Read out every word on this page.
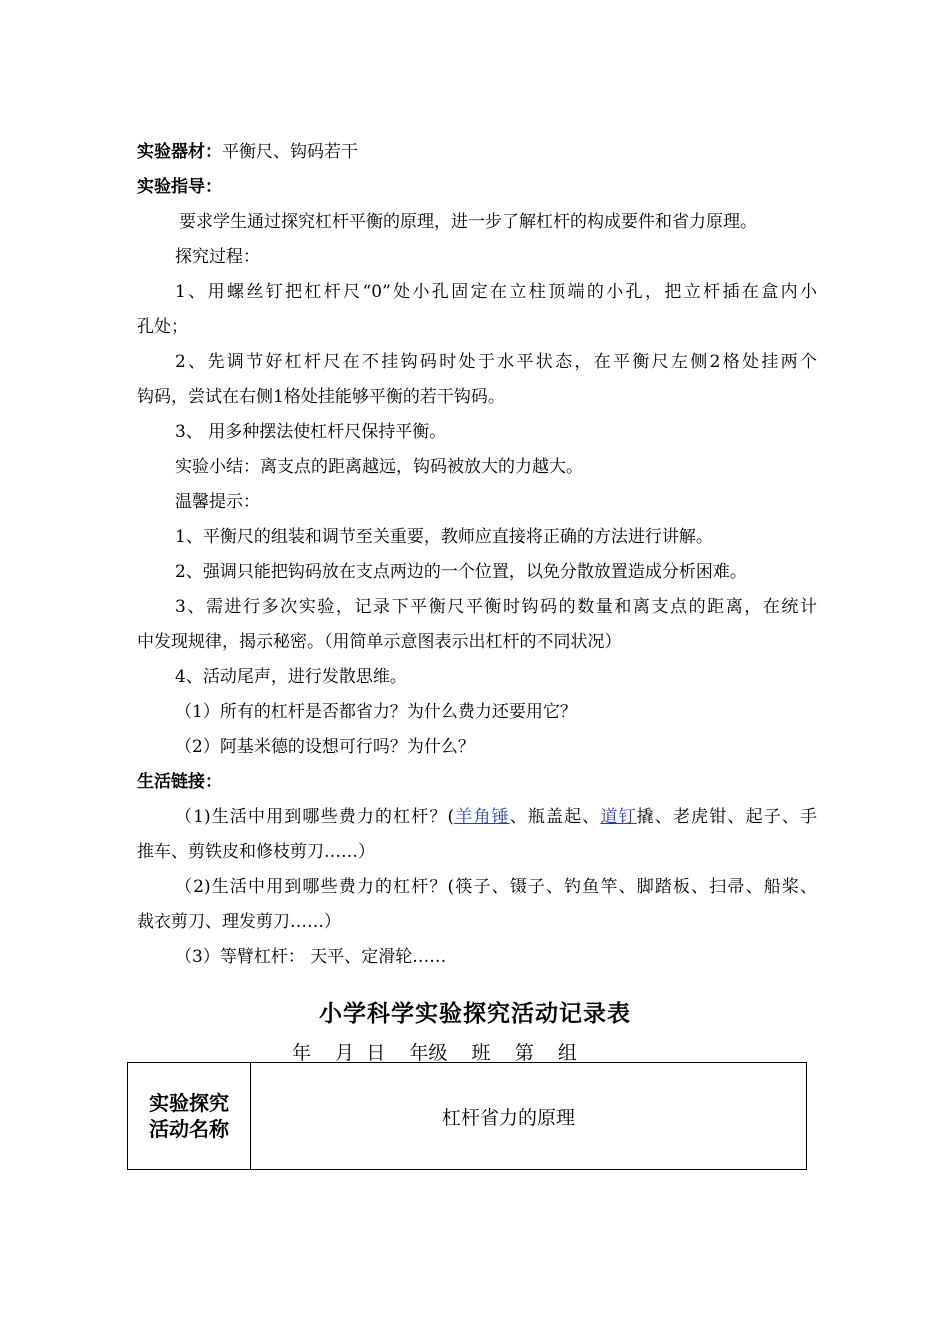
实验器材：平衡尺、钩码若干
实验指导：
要求学生通过探究杠杆平衡的原理，进一步了解杠杆的构成要件和省力原理。
探究过程：
1、用螺丝钉把杠杆尺“0”处小孔固定在立柱顶端的小孔，把立杆插在盒内小
孔处；
2、先调节好杠杆尺在不挂钩码时处于水平状态，在平衡尺左侧2格处挂两个
钩码，尝试在右侧1格处挂能够平衡的若干钩码。
3、 用多种摆法使杠杆尺保持平衡。
实验小结：离支点的距离越远，钩码被放大的力越大。
温馨提示：
1、平衡尺的组装和调节至关重要，教师应直接将正确的方法进行讲解。
2、强调只能把钩码放在支点两边的一个位置，以免分散放置造成分析困难。
3、需进行多次实验，记录下平衡尺平衡时钩码的数量和离支点的距离，在统计
中发现规律，揭示秘密。（用简单示意图表示出杠杆的不同状况）
4、活动尾声，进行发散思维。
（1）所有的杠杆是否都省力？为什么费力还要用它？
（2）阿基米德的设想可行吗？为什么？
生活链接：
（1)生活中用到哪些费力的杠杆？(羊角锤、瓶盖起、道钉撬、老虎钳、起子、手
推车、剪铁皮和修枝剪刀……）
（2)生活中用到哪些费力的杠杆？(筷子、镊子、钓鱼竿、脚踏板、扫帚、船桨、
裁衣剪刀、理发剪刀……）
（3）等臂杠杆： 天平、定滑轮……
小学科学实验探究活动记录表
年    月  日    年级    班    第    组
实验探究
活动名称	杠杆省力的原理
